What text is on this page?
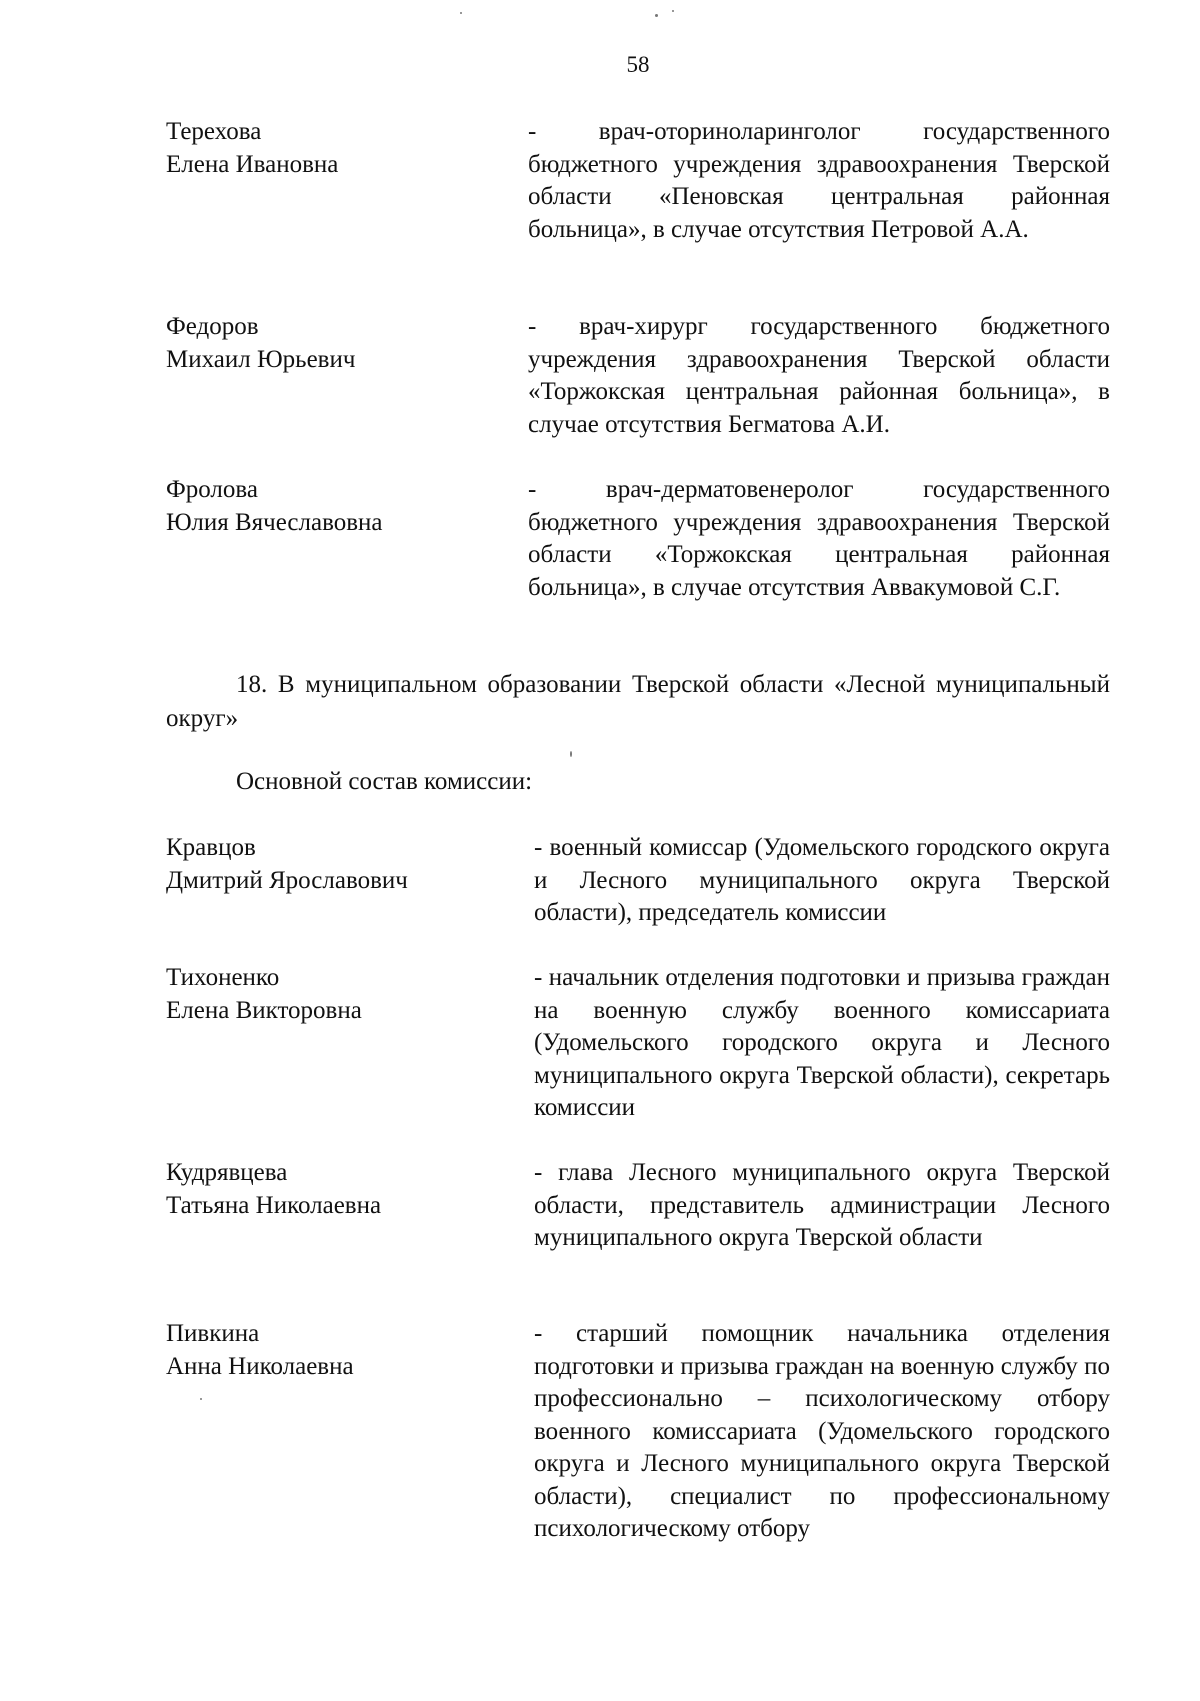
58
Терехова
Елена Ивановна
- врач-оториноларинголог государственного бюджетного учреждения здравоохранения Тверской области «Пеновская центральная районная больница», в случае отсутствия Петровой А.А.
Федоров
Михаил Юрьевич
- врач-хирург государственного бюджетного учреждения здравоохранения Тверской области «Торжокская центральная районная больница», в случае отсутствия Бегматова А.И.
Фролова
Юлия Вячеславовна
- врач-дерматовенеролог государственного бюджетного учреждения здравоохранения Тверской области «Торжокская центральная районная больница», в случае отсутствия Аввакумовой С.Г.
18. В муниципальном образовании Тверской области «Лесной муниципальный округ»
Основной состав комиссии:
Кравцов
Дмитрий Ярославович
- военный комиссар (Удомельского городского округа и Лесного муниципального округа Тверской области), председатель комиссии
Тихоненко
Елена Викторовна
- начальник отделения подготовки и призыва граждан на военную службу военного комиссариата (Удомельского городского округа и Лесного муниципального округа Тверской области), секретарь комиссии
Кудрявцева
Татьяна Николаевна
- глава Лесного муниципального округа Тверской области, представитель администрации Лесного муниципального округа Тверской области
Пивкина
Анна Николаевна
- старший помощник начальника отделения подготовки и призыва граждан на военную службу по профессионально – психологическому отбору военного комиссариата (Удомельского городского округа и Лесного муниципального округа Тверской области), специалист по профессиональному психологическому отбору
